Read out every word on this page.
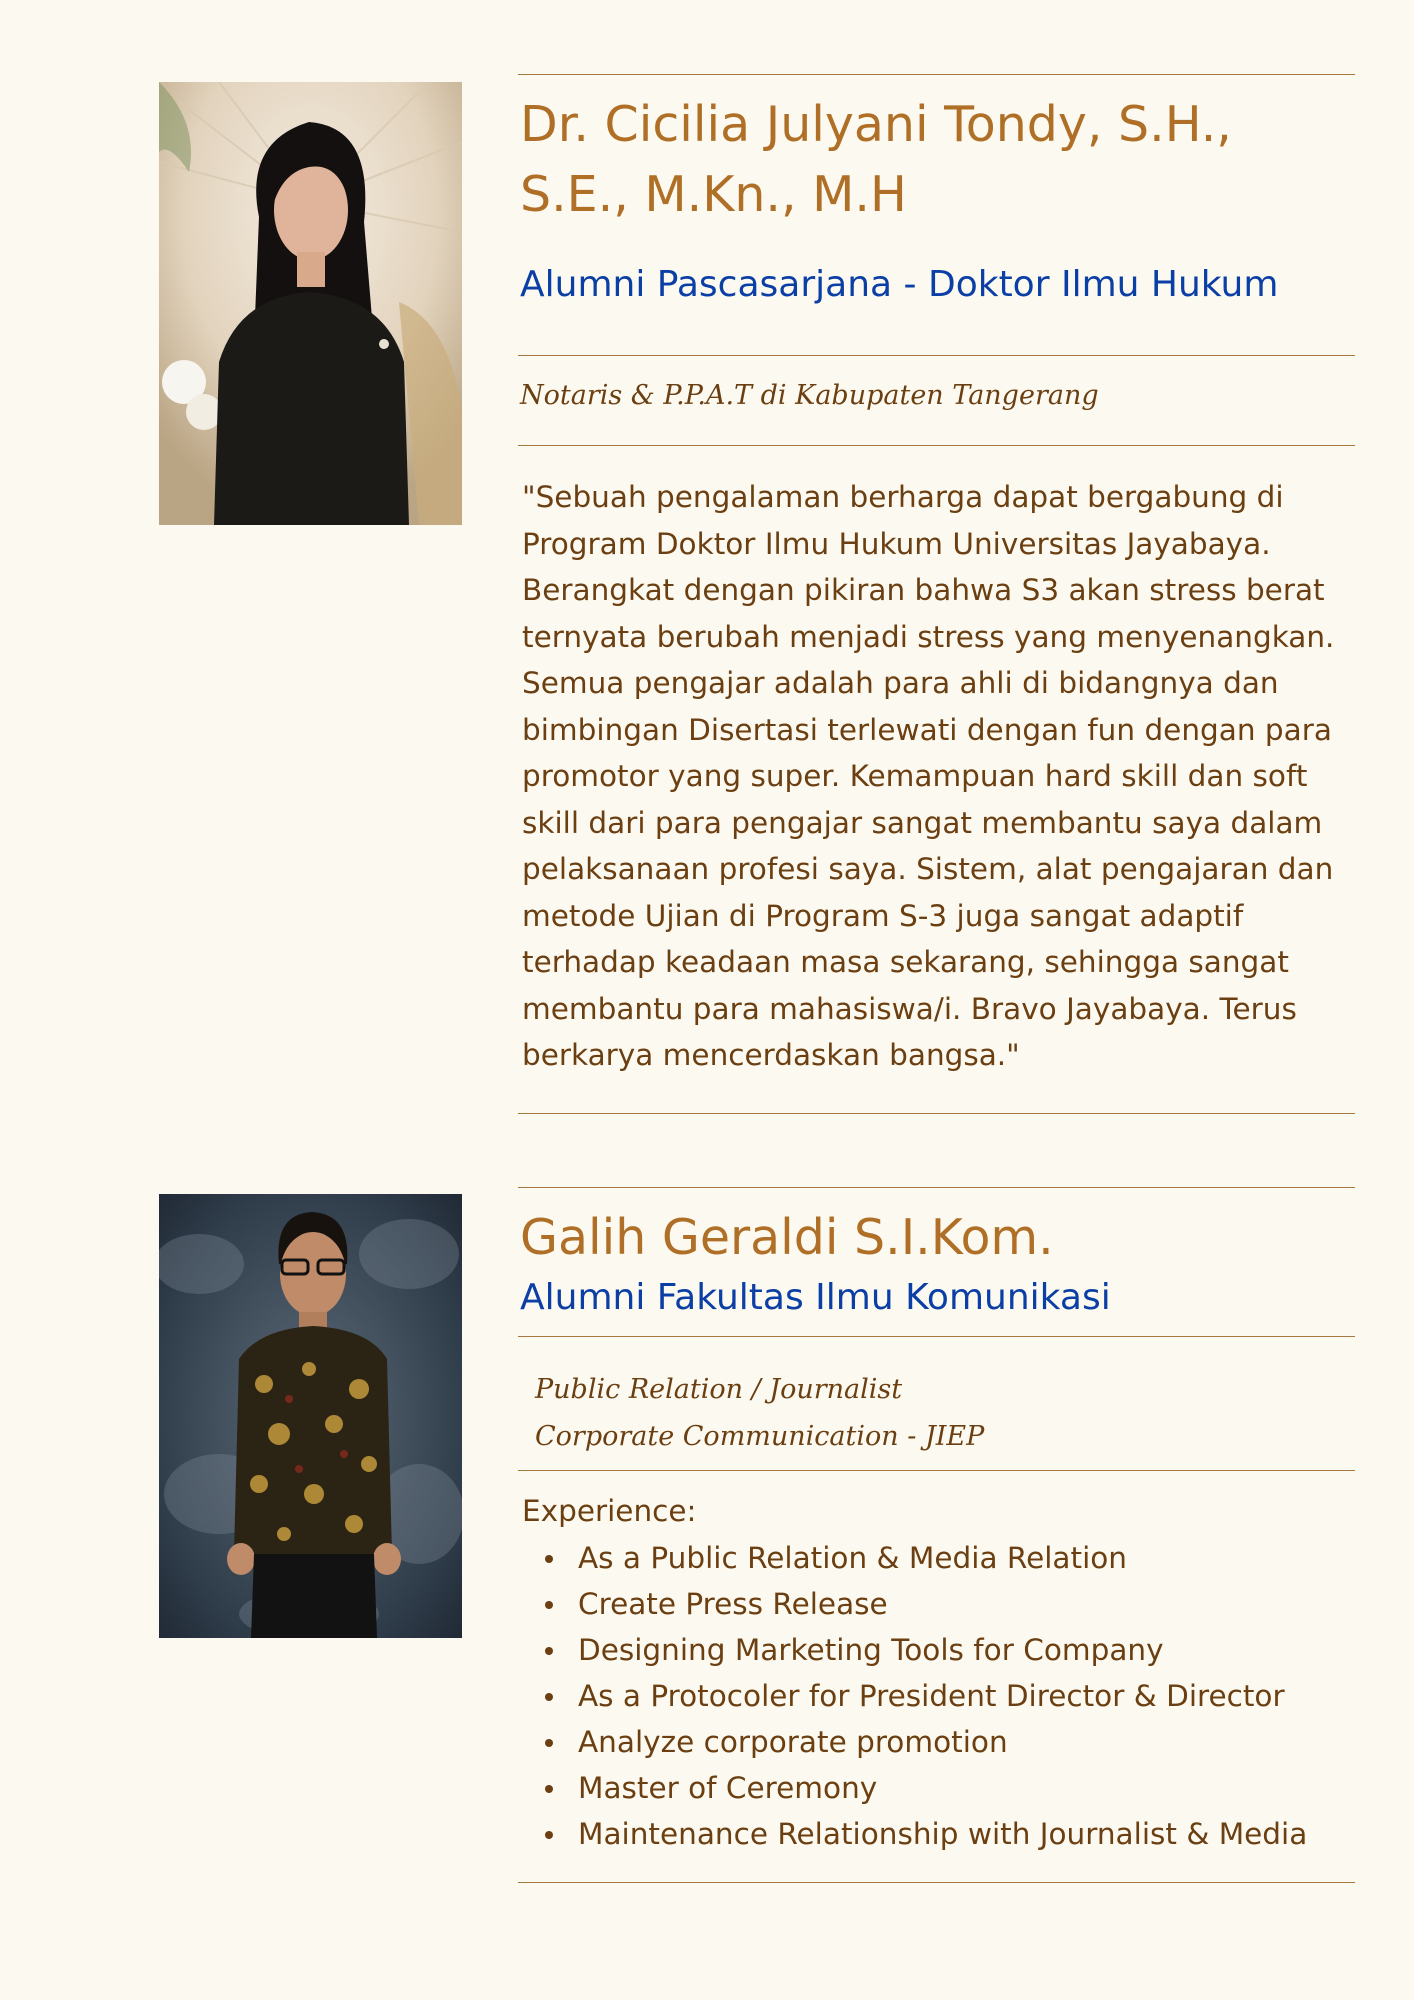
Dr. Cicilia Julyani Tondy, S.H.,
S.E., M.Kn., M.H
Alumni Pascasarjana - Doktor Ilmu Hukum
Notaris & P.P.A.T di Kabupaten Tangerang

"Sebuah pengalaman berharga dapat bergabung di Program Doktor Ilmu Hukum Universitas Jayabaya. Berangkat dengan pikiran bahwa S3 akan stress berat ternyata berubah menjadi stress yang menyenangkan. Semua pengajar adalah para ahli di bidangnya dan bimbingan Disertasi terlewati dengan fun dengan para promotor yang super. Kemampuan hard skill dan soft skill dari para pengajar sangat membantu saya dalam pelaksanaan profesi saya. Sistem, alat pengajaran dan metode Ujian di Program S-3 juga sangat adaptif terhadap keadaan masa sekarang, sehingga sangat membantu para mahasiswa/i. Bravo Jayabaya. Terus berkarya mencerdaskan bangsa."

Galih Geraldi S.I.Kom.
Alumni Fakultas Ilmu Komunikasi
Public Relation / Journalist
Corporate Communication - JIEP
Experience:
As a Public Relation & Media Relation
Create Press Release
Designing Marketing Tools for Company
As a Protocoler for President Director & Director
Analyze corporate promotion
Master of Ceremony
Maintenance Relationship with Journalist & Media
